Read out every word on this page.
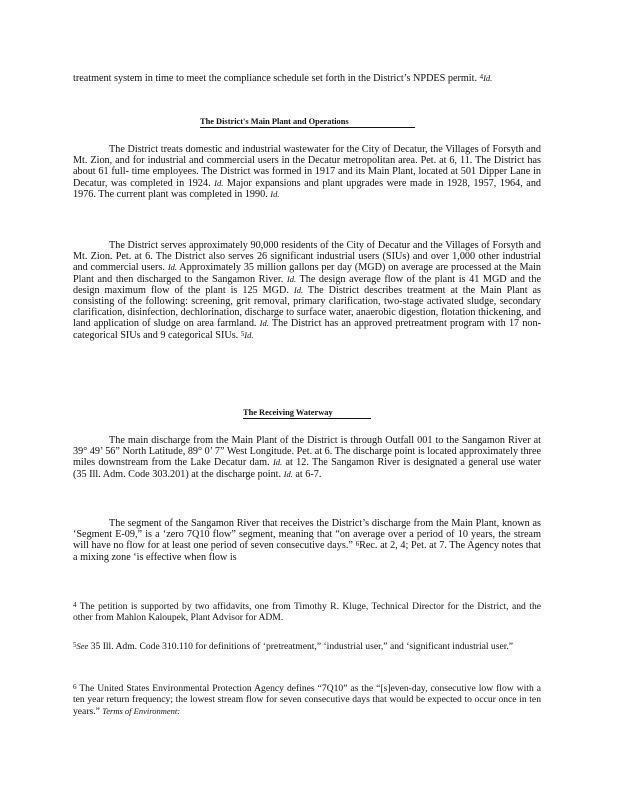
treatment system in time to meet the compliance schedule set forth in the District’s NPDES permit. $^4$Id.

The District's Main Plant and Operations

The District treats domestic and industrial wastewater for the City of Decatur, the Villages of Forsyth and Mt. Zion, and for industrial and commercial users in the Decatur metropolitan area. Pet. at 6, 11. The District has about 61 full- time employees. The District was formed in 1917 and its Main Plant, located at 501 Dipper Lane in Decatur, was completed in 1924. Id. Major expansions and plant upgrades were made in 1928, 1957, 1964, and 1976. The current plant was completed in 1990. Id.

The District serves approximately 90,000 residents of the City of Decatur and the Villages of Forsyth and Mt. Zion. Pet. at 6. The District also serves 26 significant industrial users (SIUs) and over 1,000 other industrial and commercial users. Id. Approximately 35 million gallons per day (MGD) on average are processed at the Main Plant and then discharged to the Sangamon River. Id. The design average flow of the plant is 41 MGD and the design maximum flow of the plant is 125 MGD. Id. The District describes treatment at the Main Plant as consisting of the following: screening, grit removal, primary clarification, two-stage activated sludge, secondary clarification, disinfection, dechlorination, discharge to surface water, anaerobic digestion, flotation thickening, and land application of sludge on area farmland. Id. The District has an approved pretreatment program with 17 non-categorical SIUs and 9 categorical SIUs. $^5$Id.

The Receiving Waterway

The main discharge from the Main Plant of the District is through Outfall 001 to the Sangamon River at 39° 49’ 56” North Latitude, 89° 0’ 7” West Longitude. Pet. at 6. The discharge point is located approximately three miles downstream from the Lake Decatur dam. Id. at 12. The Sangamon River is designated a general use water (35 Ill. Adm. Code 303.201) at the discharge point. Id. at 6-7.

The segment of the Sangamon River that receives the District’s discharge from the Main Plant, known as ‘Segment E-09,” is a ‘zero 7Q10 flow” segment, meaning that “on average over a period of 10 years, the stream will have no flow for at least one period of seven consecutive days.” $^6$Rec. at 2, 4; Pet. at 7. The Agency notes that a mixing zone ‘is effective when flow is

$^4$ The petition is supported by two affidavits, one from Timothy R. Kluge, Technical Director for the District, and the other from Mahlon Kaloupek, Plant Advisor for ADM.

$^5$See 35 Ill. Adm. Code 310.110 for definitions of ‘pretreatment,” ‘industrial user,” and ‘significant industrial user.”

$^6$ The United States Environmental Protection Agency defines “7Q10” as the “[s]even-day, consecutive low flow with a ten year return frequency; the lowest stream flow for seven consecutive days that would be expected to occur once in ten years.” Terms of Environment:
